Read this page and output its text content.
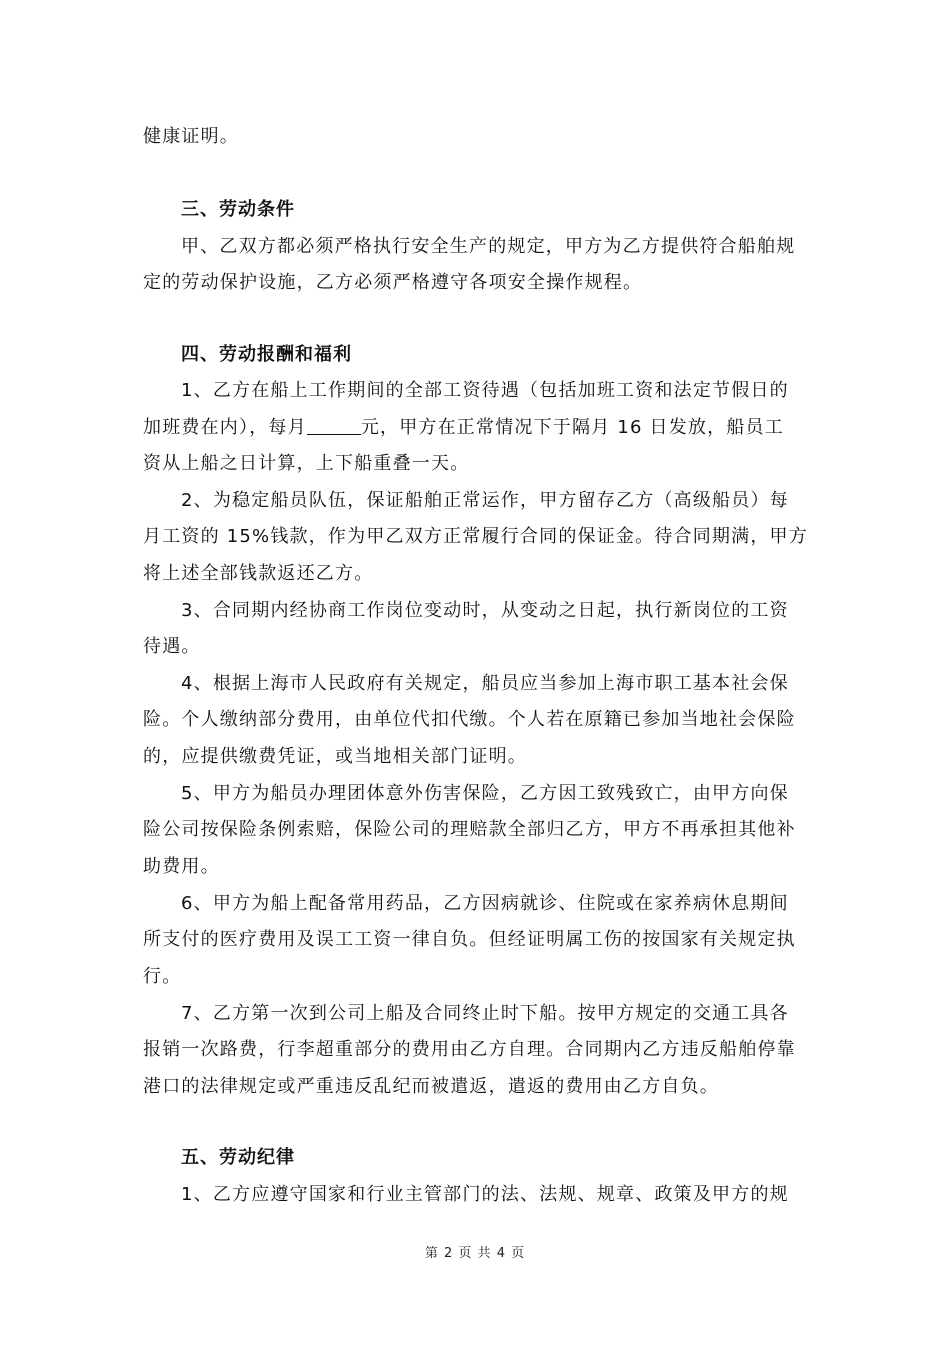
健康证明。
三、劳动条件
甲、乙双方都必须严格执行安全生产的规定，甲方为乙方提供符合船舶规
定的劳动保护设施，乙方必须严格遵守各项安全操作规程。
四、劳动报酬和福利
1、乙方在船上工作期间的全部工资待遇（包括加班工资和法定节假日的
加班费在内），每月	元，甲方在正常情况下于隔月 16 日发放，船员工
资从上船之日计算，上下船重叠一天。
2、为稳定船员队伍，保证船舶正常运作，甲方留存乙方（高级船员）每
月工资的 15%钱款，作为甲乙双方正常履行合同的保证金。待合同期满，甲方
将上述全部钱款返还乙方。
3、合同期内经协商工作岗位变动时，从变动之日起，执行新岗位的工资
待遇。
4、根据上海市人民政府有关规定，船员应当参加上海市职工基本社会保
险。个人缴纳部分费用，由单位代扣代缴。个人若在原籍已参加当地社会保险
的，应提供缴费凭证，或当地相关部门证明。
5、甲方为船员办理团体意外伤害保险，乙方因工致残致亡，由甲方向保
险公司按保险条例索赔，保险公司的理赔款全部归乙方，甲方不再承担其他补
助费用。
6、甲方为船上配备常用药品，乙方因病就诊、住院或在家养病休息期间
所支付的医疗费用及误工工资一律自负。但经证明属工伤的按国家有关规定执
行。
7、乙方第一次到公司上船及合同终止时下船。按甲方规定的交通工具各
报销一次路费，行李超重部分的费用由乙方自理。合同期内乙方违反船舶停靠
港口的法律规定或严重违反乱纪而被遣返，遣返的费用由乙方自负。
五、劳动纪律
1、乙方应遵守国家和行业主管部门的法、法规、规章、政策及甲方的规
第 2 页 共 4 页
